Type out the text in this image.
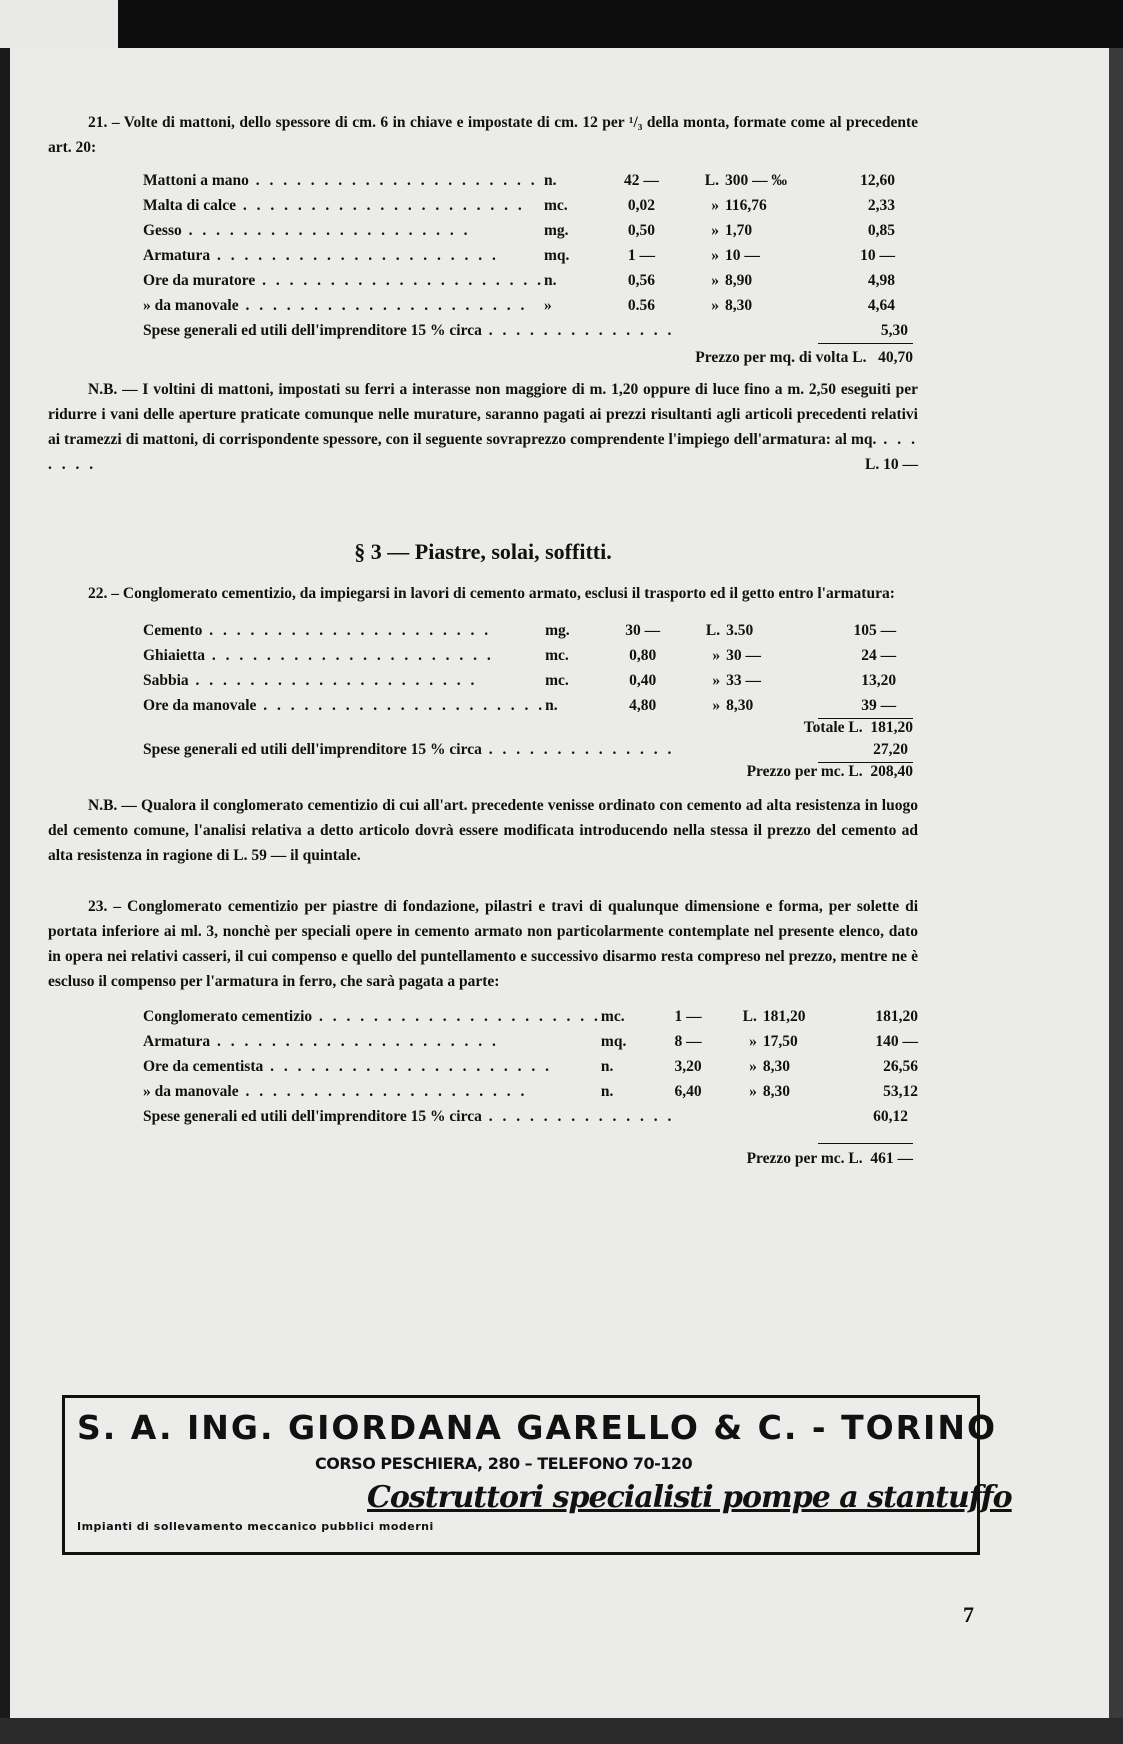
21. – Volte di mattoni, dello spessore di cm. 6 in chiave e impostate di cm. 12 per ¹/₃ della monta, formate come al precedente art. 20:

Mattoni a mano . . . . . . . . . . . . . . . . . . . . .	n.	42 —	L.	300 — ‰	12,60
Malta di calce . . . . . . . . . . . . . . . . . . . . .	mc.	0,02	»	116,76	2,33
Gesso . . . . . . . . . . . . . . . . . . . . .	mg.	0,50	»	1,70	0,85
Armatura . . . . . . . . . . . . . . . . . . . . .	mq.	1 —	»	10 —	10 —
Ore da muratore . . . . . . . . . . . . . . . . . . . . .	n.	0,56	»	8,90	4,98
» da manovale . . . . . . . . . . . . . . . . . . . . .	»	0.56	»	8,30	4,64
Spese generali ed utili dell'imprenditore 15 % circa . . . . . . . . . . . . . .	5,30

Prezzo per mq. di volta L. 40,70

N.B. — I voltini di mattoni, impostati su ferri a interasse non maggiore di m. 1,20 oppure di luce fino a m. 2,50 eseguiti per ridurre i vani delle aperture praticate comunque nelle murature, saranno pagati ai prezzi risultanti agli articoli precedenti relativi ai tramezzi di mattoni, di corrispondente spessore, con il seguente sovraprezzo comprendente l'impiego dell'armatura: al mq. . . . . . . .	L. 10 —

§ 3 — Piastre, solai, soffitti.

22. – Conglomerato cementizio, da impiegarsi in lavori di cemento armato, esclusi il trasporto ed il getto entro l'armatura:

Cemento . . . . . . . . . . . . . . . . . . . . .	mg.	30 —	L.	3.50	105 —
Ghiaietta . . . . . . . . . . . . . . . . . . . . .	mc.	0,80	»	30 —	24 —
Sabbia . . . . . . . . . . . . . . . . . . . . .	mc.	0,40	»	33 —	13,20
Ore da manovale . . . . . . . . . . . . . . . . . . . . .	n.	4,80	»	8,30	39 —

Totale L. 181,20

Spese generali ed utili dell'imprenditore 15 % circa . . . . . . . . . . . . . .	27,20

Prezzo per mc. L. 208,40

N.B. — Qualora il conglomerato cementizio di cui all'art. precedente venisse ordinato con cemento ad alta resistenza in luogo del cemento comune, l'analisi relativa a detto articolo dovrà essere modificata introducendo nella stessa il prezzo del cemento ad alta resistenza in ragione di L. 59 — il quintale.

23. – Conglomerato cementizio per piastre di fondazione, pilastri e travi di qualunque dimensione e forma, per solette di portata inferiore ai ml. 3, nonchè per speciali opere in cemento armato non particolarmente contemplate nel presente elenco, dato in opera nei relativi casseri, il cui compenso e quello del puntellamento e successivo disarmo resta compreso nel prezzo, mentre ne è escluso il compenso per l'armatura in ferro, che sarà pagata a parte:

Conglomerato cementizio . . . . . . . . . . . . . . . . . . . . .	mc.	1 —	L.	181,20	181,20
Armatura . . . . . . . . . . . . . . . . . . . . .	mq.	8 —	»	17,50	140 —
Ore da cementista . . . . . . . . . . . . . . . . . . . . .	n.	3,20	»	8,30	26,56
» da manovale . . . . . . . . . . . . . . . . . . . . .	n.	6,40	»	8,30	53,12
Spese generali ed utili dell'imprenditore 15 % circa . . . . . . . . . . . . . .	60,12

Prezzo per mc. L. 461 —

S. A. ING. GIORDANA GARELLO & C. - TORINO
CORSO PESCHIERA, 280 – TELEFONO 70-120
Costruttori specialisti pompe a stantuffo
Impianti di sollevamento meccanico pubblici moderni
7
